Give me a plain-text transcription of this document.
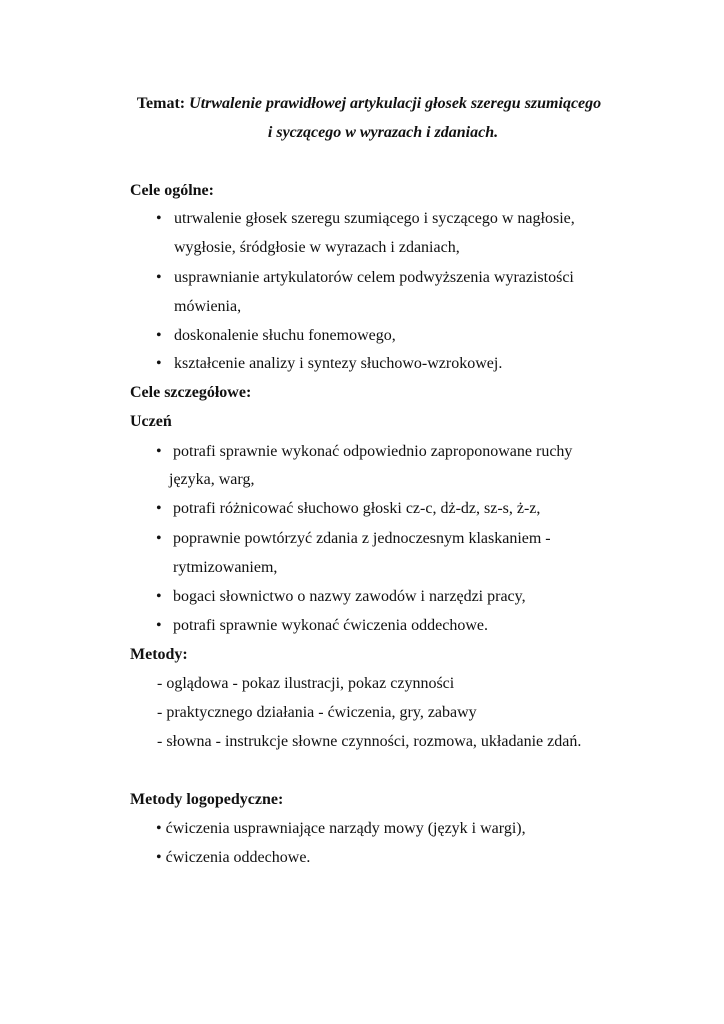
Temat: Utrwalenie prawidłowej artykulacji głosek szeregu szumiącego
i syczącego w wyrazach i zdaniach.
Cele ogólne:
• utrwalenie głosek szeregu szumiącego i syczącego w nagłosie,
wygłosie, śródgłosie w wyrazach i zdaniach,
• usprawnianie artykulatorów celem podwyższenia wyrazistości
mówienia,
• doskonalenie słuchu fonemowego,
• kształcenie analizy i syntezy słuchowo-wzrokowej.
Cele szczegółowe:
Uczeń
• potrafi sprawnie wykonać odpowiednio zaproponowane ruchy
języka, warg,
• potrafi różnicować słuchowo głoski cz-c, dż-dz, sz-s, ż-z,
• poprawnie powtórzyć zdania z jednoczesnym klaskaniem -
rytmizowaniem,
• bogaci słownictwo o nazwy zawodów i narzędzi pracy,
• potrafi sprawnie wykonać ćwiczenia oddechowe.
Metody:
- oglądowa - pokaz ilustracji, pokaz czynności
- praktycznego działania - ćwiczenia, gry, zabawy
- słowna - instrukcje słowne czynności, rozmowa, układanie zdań.
Metody logopedyczne:
• ćwiczenia usprawniające narządy mowy (język i wargi),
• ćwiczenia oddechowe.
